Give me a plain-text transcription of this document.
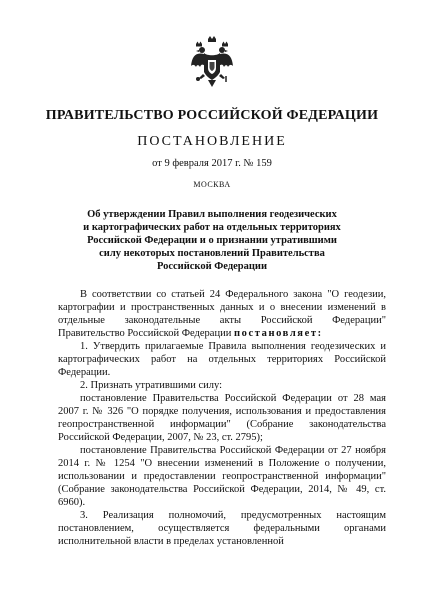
ПРАВИТЕЛЬСТВО РОССИЙСКОЙ ФЕДЕРАЦИИ
ПОСТАНОВЛЕНИЕ
от 9 февраля 2017 г. № 159
МОСКВА
Об утверждении Правил выполнения геодезических
и картографических работ на отдельных территориях
Российской Федерации и о признании утратившими
силу некоторых постановлений Правительства
Российской Федерации

В соответствии со статьей 24 Федерального закона "О геодезии, картографии и пространственных данных и о внесении изменений в отдельные законодательные акты Российской Федерации" Правительство Российской Федерации постановляет:

1. Утвердить прилагаемые Правила выполнения геодезических и картографических работ на отдельных территориях Российской Федерации.

2. Признать утратившими силу:

постановление Правительства Российской Федерации от 28 мая 2007 г. № 326 "О порядке получения, использования и предоставления геопространственной информации" (Собрание законодательства Российской Федерации, 2007, № 23, ст. 2795);

постановление Правительства Российской Федерации от 27 ноября 2014 г. № 1254 "О внесении изменений в Положение о получении, использовании и предоставлении геопространственной информации" (Собрание законодательства Российской Федерации, 2014, № 49, ст. 6960).

3. Реализация полномочий, предусмотренных настоящим постановлением, осуществляется федеральными органами исполнительной власти в пределах установленной
